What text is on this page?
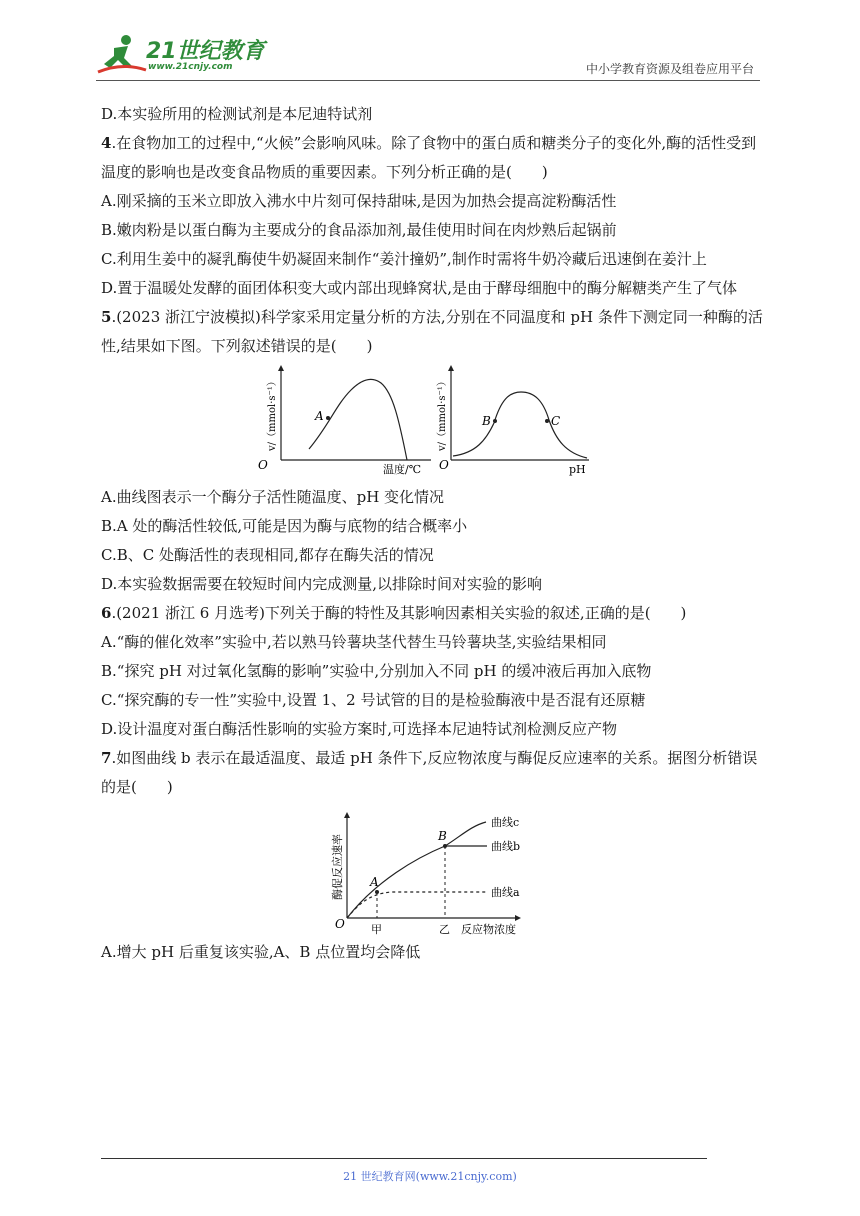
21世纪教育
www.21cnjy.com	中小学教育资源及组卷应用平台

D.本实验所用的检测试剂是本尼迪特试剂

4.在食物加工的过程中,“火候”会影响风味。除了食物中的蛋白质和糖类分子的变化外,酶的活性受到温度的影响也是改变食品物质的重要因素。下列分析正确的是(　　)

A.刚采摘的玉米立即放入沸水中片刻可保持甜味,是因为加热会提高淀粉酶活性

B.嫩肉粉是以蛋白酶为主要成分的食品添加剂,最佳使用时间在肉炒熟后起锅前

C.利用生姜中的凝乳酶使牛奶凝固来制作“姜汁撞奶”,制作时需将牛奶冷藏后迅速倒在姜汁上

D.置于温暖处发酵的面团体积变大或内部出现蜂窝状,是由于酵母细胞中的酶分解糖类产生了气体

5.(2023 浙江宁波模拟)科学家采用定量分析的方法,分别在不同温度和 pH 条件下测定同一种酶的活性,结果如下图。下列叙述错误的是(　　)

A
O	温度/℃
v/（mmol·s⁻¹）	B	C
O	pH
v/（mmol·s⁻¹）

A.曲线图表示一个酶分子活性随温度、pH 变化情况

B.A 处的酶活性较低,可能是因为酶与底物的结合概率小

C.B、C 处酶活性的表现相同,都存在酶失活的情况

D.本实验数据需要在较短时间内完成测量,以排除时间对实验的影响

6.(2021 浙江 6 月选考)下列关于酶的特性及其影响因素相关实验的叙述,正确的是(　　)

A.“酶的催化效率”实验中,若以熟马铃薯块茎代替生马铃薯块茎,实验结果相同

B.“探究 pH 对过氧化氢酶的影响”实验中,分别加入不同 pH 的缓冲液后再加入底物

C.“探究酶的专一性”实验中,设置 1、2 号试管的目的是检验酶液中是否混有还原糖

D.设计温度对蛋白酶活性影响的实验方案时,可选择本尼迪特试剂检测反应产物

7.如图曲线 b 表示在最适温度、最适 pH 条件下,反应物浓度与酶促反应速率的关系。据图分析错误的是(　　)

A
B
曲线c
曲线b
曲线a
O 甲	乙 反应物浓度
酶促反应速率

A.增大 pH 后重复该实验,A、B 点位置均会降低

21 世纪教育网(www.21cnjy.com)
